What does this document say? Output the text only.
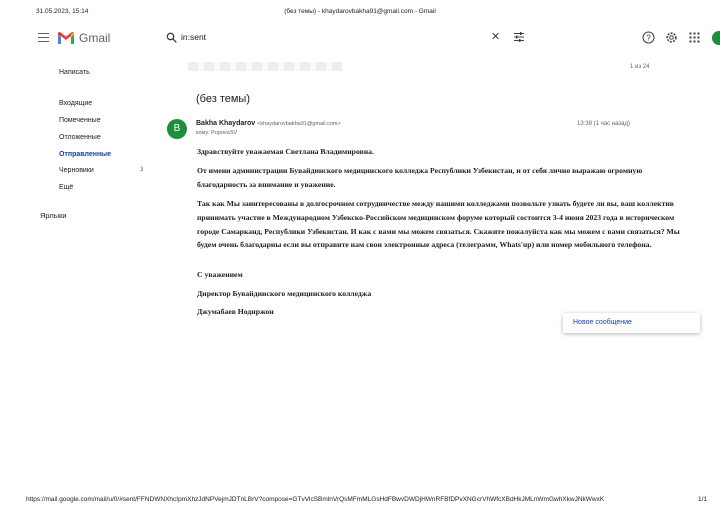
31.05.2023, 15:14	(без темы) - khaydarovbakha91@gmail.com - Gmail
Gmail	in:sent	✕	?
Написать
Входящие
Помеченные
Отложенные
Отправленные
Черновики	3
Ещё
Ярлыки
1 из 24
(без темы)
B	Bakha Khaydarov <khaydarovbakha91@gmail.com>
кому: PopovaSV
13:39 (1 час назад)
Здравствуйте уважаемая Светлана Владимировна.
От имени администрации Бувайдинского медицинского колледжа Республики Узбекистан, и от себя лично выражаю огромную благодарность за внимание и уважение.
Так как Мы заинтересованы в долгосрочном сотрудничестве между нашими колледжами позвольте узнать будете ли вы, ваш коллектив принимать участие в Международном Узбекско-Российском медицинском форуме который состоится 3-4 июня 2023 года в историческом городе Самарканд, Республики Узбекистан. И как с вами мы можем связаться. Скажите пожалуйста как мы можем с вами связаться? Мы будем очень благодарны если вы отправите нам свои электронные адреса (телеграмм, Whats'up) или номер мобильного телефона.
С уважением
Директор Бувайдинского медицинского колледжа
Джумабаев Нодиржон
Новое сообщение
https://mail.google.com/mail/u/0/#sent/FFNDWNXhcIpmXhzJdNPVejmJDTnLBrV?compose=GTvVlcSBmlnVrQsMFmMLGsHdFBwvDWDjHWnRFBfDPvXNGcrVhWfcXBdHkJMLnWmGwhXkwJNkWwxK	1/1
